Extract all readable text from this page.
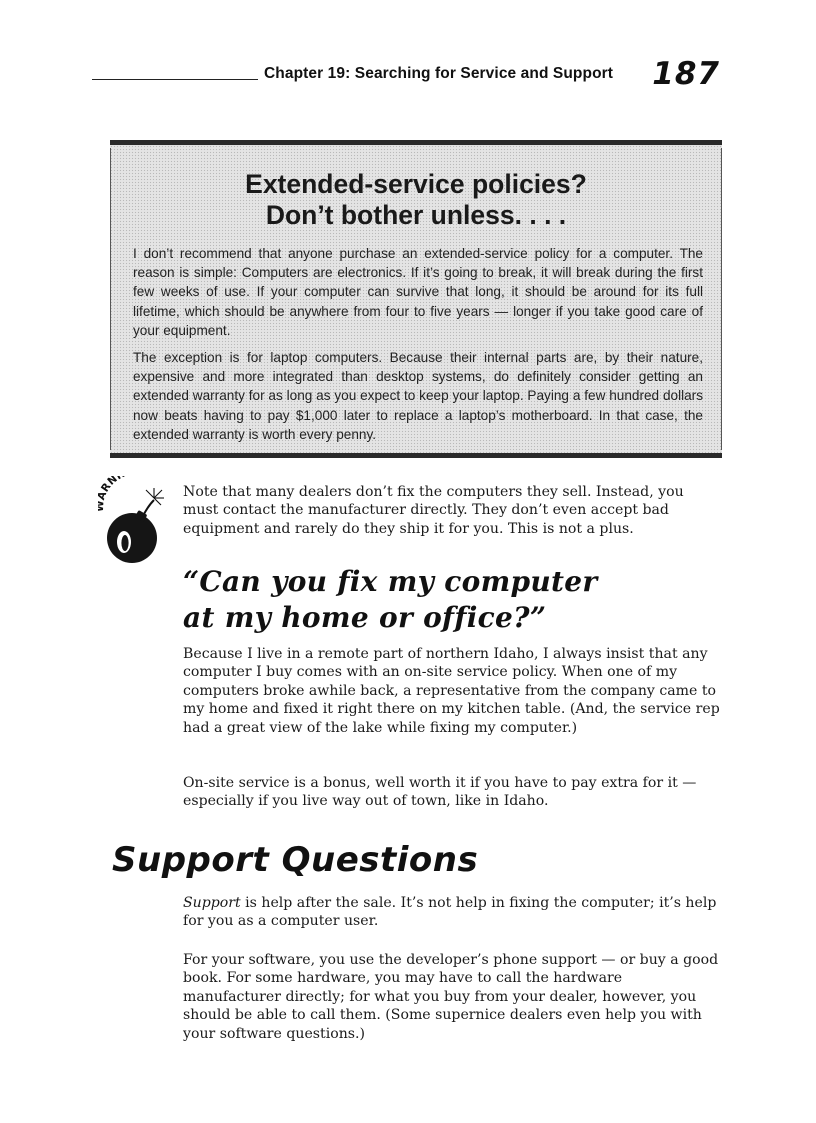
Chapter 19: Searching for Service and Support 187
Extended-service policies?
Don’t bother unless. . . .

I don’t recommend that anyone purchase an extended-service policy for a computer. The reason is simple: Computers are electronics. If it’s going to break, it will break during the first few weeks of use. If your computer can survive that long, it should be around for its full lifetime, which should be anywhere from four to five years — longer if you take good care of your equipment.

The exception is for laptop computers. Because their internal parts are, by their nature, expensive and more integrated than desktop systems, do definitely consider getting an extended warranty for as long as you expect to keep your laptop. Paying a few hundred dollars now beats having to pay $1,000 later to replace a laptop’s motherboard. In that case, the extended warranty is worth every penny.

RNI

Note that many dealers don’t fix the computers they sell. Instead, you must contact the manufacturer directly. They don’t even accept bad equipment and rarely do they ship it for you. This is not a plus.

“Can you fix my computer
at my home or office?”

Because I live in a remote part of northern Idaho, I always insist that any computer I buy comes with an on-site service policy. When one of my computers broke awhile back, a representative from the company came to my home and fixed it right there on my kitchen table. (And, the service rep had a great view of the lake while fixing my computer.)

On-site service is a bonus, well worth it if you have to pay extra for it — especially if you live way out of town, like in Idaho.

Support Questions

Support is help after the sale. It’s not help in fixing the computer; it’s help for you as a computer user.

For your software, you use the developer’s phone support — or buy a good book. For some hardware, you may have to call the hardware manufacturer directly; for what you buy from your dealer, however, you should be able to call them. (Some supernice dealers even help you with your software questions.)
